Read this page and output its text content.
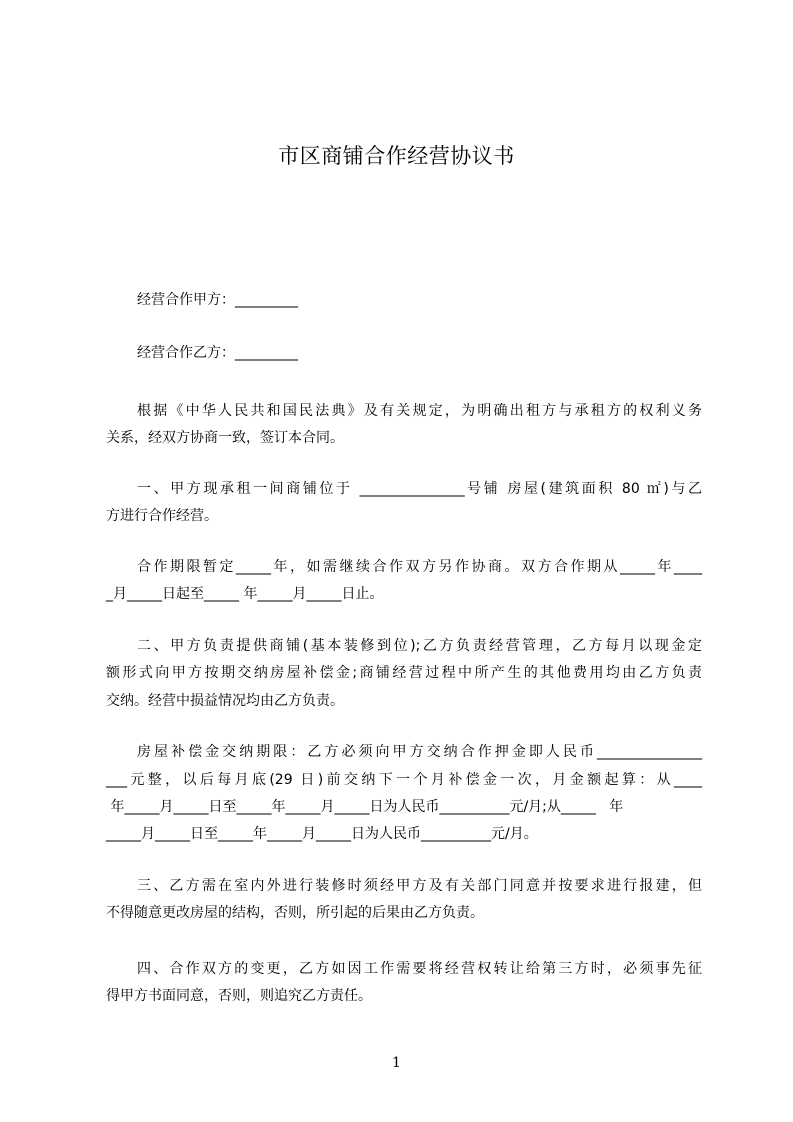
市区商铺合作经营协议书
经营合作甲方：_________
经营合作乙方：_________
根据《中华人民共和国民法典》及有关规定，为明确出租方与承租方的权利义务
关系，经双方协商一致，签订本合同。
一、甲方现承租一间商铺位于 _______________号铺 房屋(建筑面积 80 ㎡)与乙
方进行合作经营。
合作期限暂定_____年，如需继续合作双方另作协商。双方合作期从_____年____
_月_____日起至_____ 年_____月_____日止。
二、甲方负责提供商铺(基本装修到位);乙方负责经营管理，乙方每月以现金定
额形式向甲方按期交纳房屋补偿金;商铺经营过程中所产生的其他费用均由乙方负责
交纳。经营中损益情况均由乙方负责。
房屋补偿金交纳期限：乙方必须向甲方交纳合作押金即人民币_______________
___元整，以后每月底(29 日)前交纳下一个月补偿金一次，月金额起算：从____
年_____月_____日至_____年_____月_____日为人民币__________元/月;从_____   年
_____月_____日至_____年_____月_____日为人民币__________元/月。
三、乙方需在室内外进行装修时须经甲方及有关部门同意并按要求进行报建，但
不得随意更改房屋的结构，否则，所引起的后果由乙方负责。
四、合作双方的变更，乙方如因工作需要将经营权转让给第三方时，必须事先征
得甲方书面同意，否则，则追究乙方责任。
1
